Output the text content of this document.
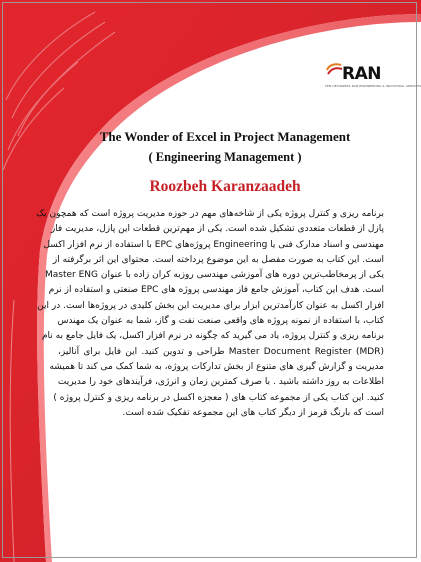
RAN
TEN DESIGNERS RAN ENGINEERING & INDUSTRIAL SERVICES
The Wonder of Excel in Project Management
( Engineering Management )
Roozbeh Karanzaadeh
برنامه ریزی و کنترل پروژه یکی از شاخه‌های مهم در حوزه مدیریت پروژه است که همچون یک
پازل از قطعات متعددی تشکیل شده است. یکی از مهم‌ترین قطعات این پازل، مدیریت فاز
مهندسی و اسناد مدارک فنی یا Engineering پروژه‌های EPC با استفاده از نرم افزار اکسل
است. این کتاب به صورت مفصل به این موضوع پرداخته است. محتوای این اثر برگرفته از
یکی از پرمخاطب‌ترین دوره های آموزشی مهندسی روزبه کران زاده با عنوان Master ENG
است. هدف این کتاب، آموزش جامع فاز مهندسی پروژه های EPC صنعتی و استفاده از نرم
افزار اکسل به عنوان کارآمدترین ابزار برای مدیریت این بخش کلیدی در پروژه‌ها است. در این
کتاب، با استفاده از نمونه پروژه های واقعی صنعت نفت و گاز، شما به عنوان یک مهندس
برنامه ریزی و کنترل پروژه، یاد می گیرید که چگونه در نرم افزار اکسل، یک فایل جامع به نام
(MDR) Master Document Register طراحی و تدوین کنید. این فایل برای آنالیز،
مدیریت و گزارش گیری های متنوع از بخش تدارکات پروژه، به شما کمک می کند تا همیشه
اطلاعات به روز داشته باشید . با صرف کمترین زمان و انرژی، فرآیندهای خود را مدیریت
کنید. این کتاب یکی از مجموعه کتاب های ( معجزه اکسل در برنامه ریزی و کنترل پروژه )
است که بارنگ قرمز از دیگر کتاب های این مجموعه تفکیک شده است.
